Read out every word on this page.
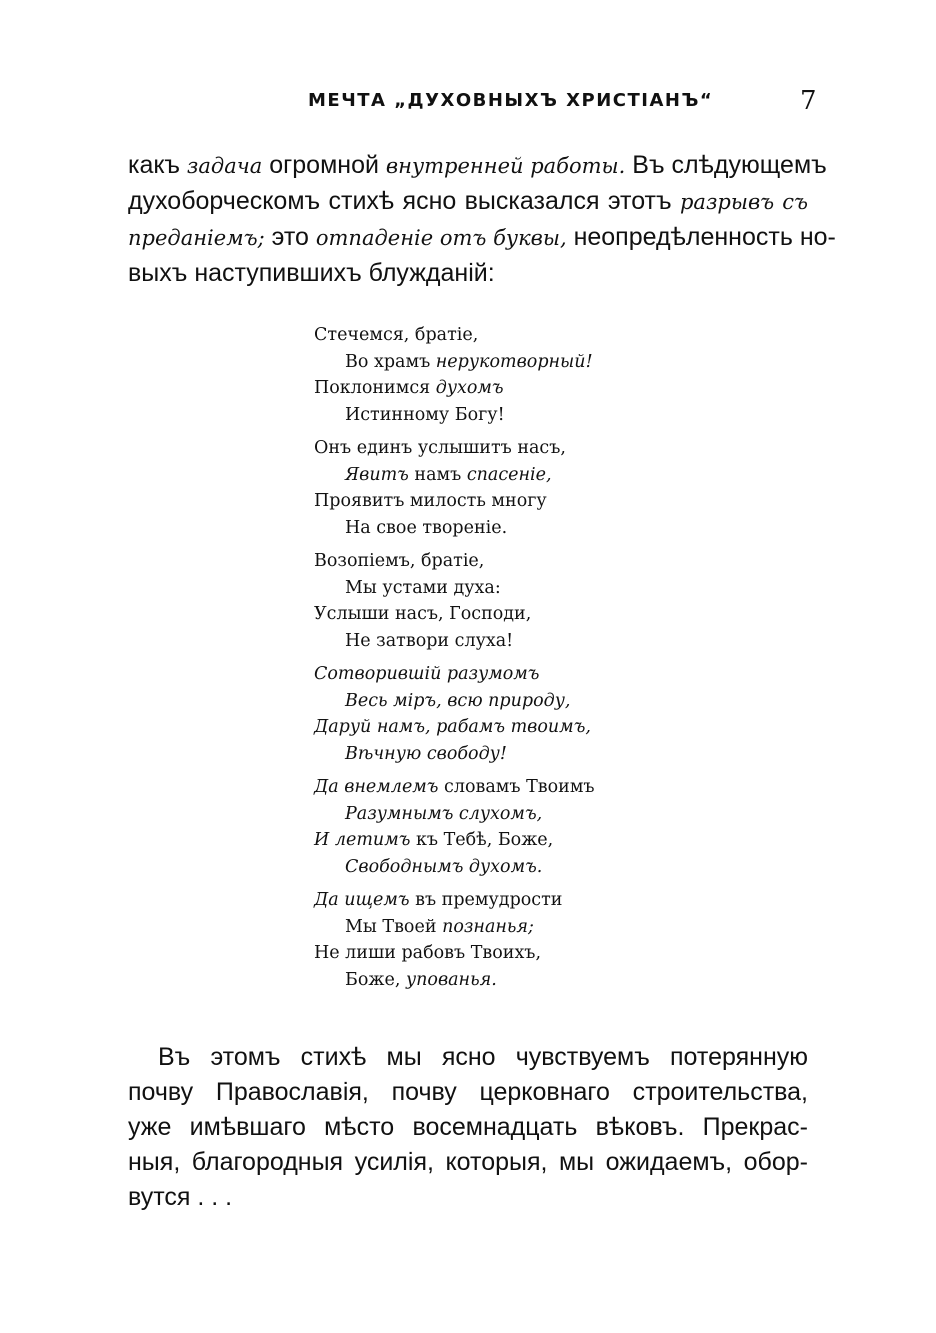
МЕЧТА „ДУХОВНЫХЪ ХРИСТІАНЪ“	7
какъ задача огромной внутренней работы. Въ слѣдующемъ
духоборческомъ стихѣ ясно высказался этотъ разрывъ съ
преданіемъ; это отпаденіе отъ буквы, неопредѣленность но-
выхъ наступившихъ блужданій:
Стечемся, братіе,
Во храмъ нерукотворный!
Поклонимся духомъ
Истинному Богу!
Онъ единъ услышитъ насъ,
Явитъ намъ спасеніе,
Проявитъ милость многу
На свое твореніе.
Возопіемъ, братіе,
Мы устами духа:
Услыши насъ, Господи,
Не затвори слуха!
Сотворившій разумомъ
Весь міръ, всю природу,
Даруй намъ, рабамъ твоимъ,
Вѣчную свободу!
Да внемлемъ словамъ Твоимъ
Разумнымъ слухомъ,
И летимъ къ Тебѣ, Боже,
Свободнымъ духомъ.
Да ищемъ въ премудрости
Мы Твоей познанья;
Не лиши рабовъ Твоихъ,
Боже, упованья.
Въ этомъ стихѣ мы ясно чувствуемъ потерянную
почву Православія, почву церковнаго строительства,
уже имѣвшаго мѣсто восемнадцать вѣковъ. Прекрас-
ныя, благородныя усилія, которыя, мы ожидаемъ, обор-
вутся . . .
